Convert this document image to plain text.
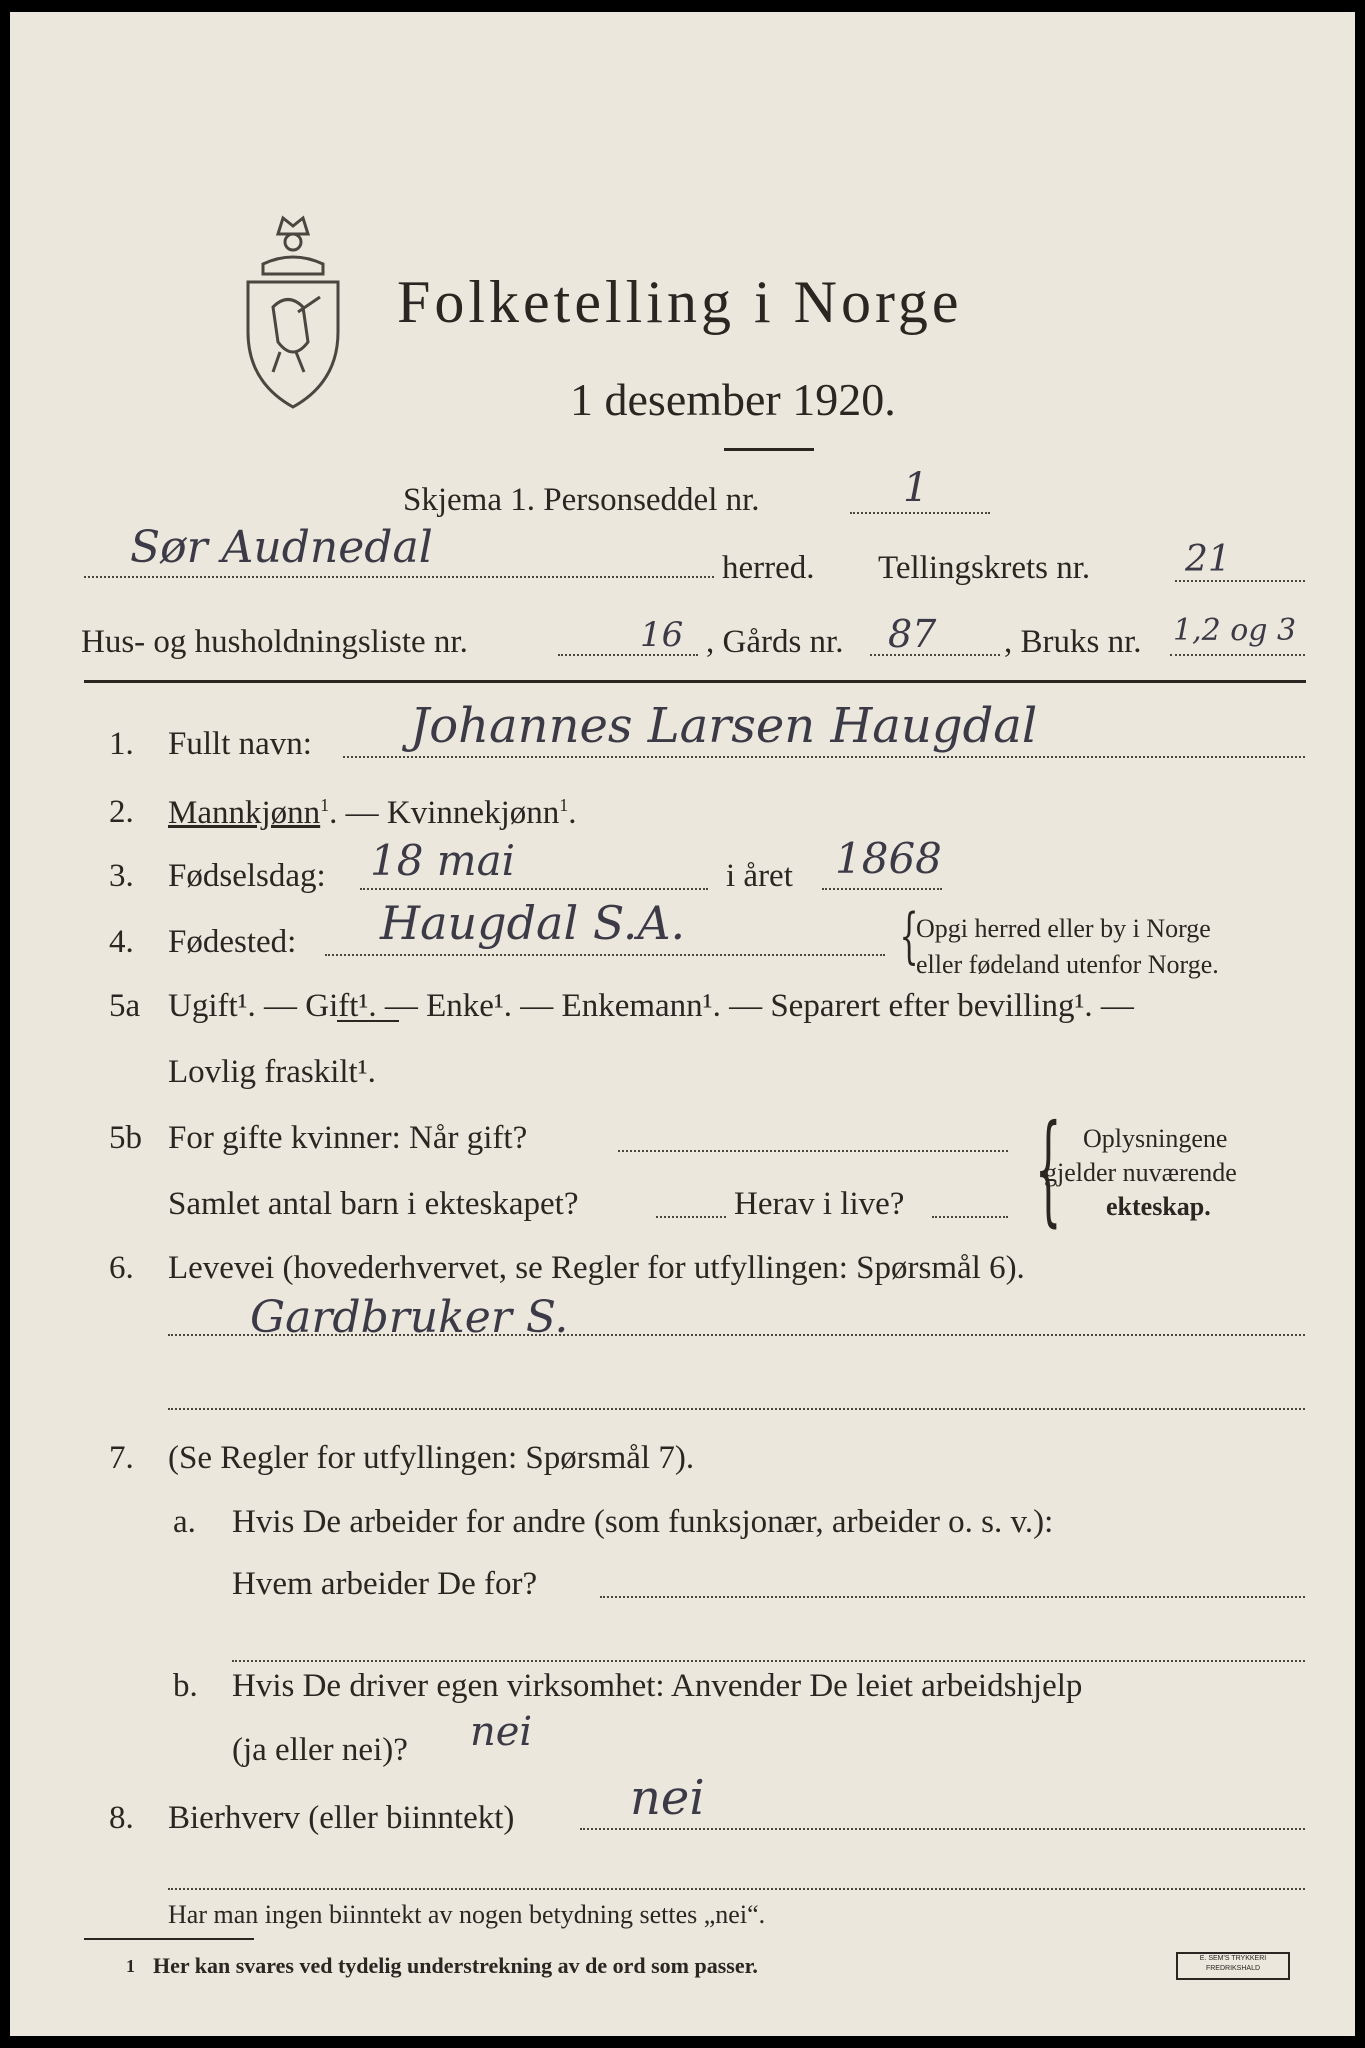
Folketelling i Norge
1 desember 1920.
Skjema 1. Personseddel nr.	1
Sør Audnedal	herred. Tellingskrets nr.	21
Hus- og husholdningsliste nr.	16 , Gårds nr. 87 , Bruks nr. 1,2 og 3
1. Fullt navn: Johannes Larsen Haugdal
2. Mannkjønn$^1$. — Kvinnekjønn$^1$.
3. Fødselsdag: 18 mai	i året 1868
4. Fødested: Haugdal S.A.	{
Opgi herred eller by i Norge
eller fødeland utenfor Norge.
5a Ugift¹. — Gift¹. — Enke¹. — Enkemann¹. — Separert efter bevilling¹. —
Lovlig fraskilt¹.
5b For gifte kvinner: Når gift?
Samlet antal barn i ekteskapet?	Herav i live? { Oplysningene
gjelder nuværende
ekteskap.
6. Levevei (hovederhvervet, se Regler for utfyllingen: Spørsmål 6).
Gardbruker S.
7. (Se Regler for utfyllingen: Spørsmål 7).
a. Hvis De arbeider for andre (som funksjonær, arbeider o. s. v.):
Hvem arbeider De for?
b. Hvis De driver egen virksomhet: Anvender De leiet arbeidshjelp
(ja eller nei)? nei
8. Bierhverv (eller biinntekt) nei
Har man ingen biinntekt av nogen betydning settes „nei“.
1 Her kan svares ved tydelig understrekning av de ord som passer.	E. SEM'S TRYKKERI FREDRIKSHALD
